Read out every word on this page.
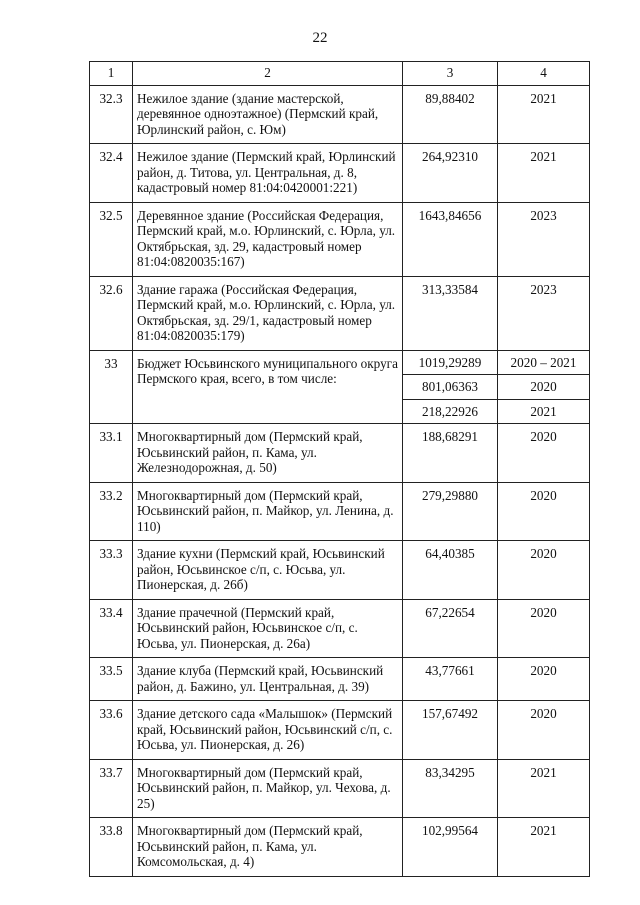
22
1	2	3	4
32.3	Нежилое здание (здание мастерской, деревянное одноэтажное) (Пермский край, Юрлинский район, с. Юм)	89,88402	2021
32.4	Нежилое здание (Пермский край, Юрлинский район, д. Титова, ул. Центральная, д. 8, кадастровый номер 81:04:0420001:221)	264,92310	2021
32.5	Деревянное здание (Российская Федерация, Пермский край, м.о. Юрлинский, с. Юрла, ул. Октябрьская, зд. 29, кадастровый номер 81:04:0820035:167)	1643,84656	2023
32.6	Здание гаража (Российская Федерация, Пермский край, м.о. Юрлинский, с. Юрла, ул. Октябрьская, зд. 29/1, кадастровый номер 81:04:0820035:179)	313,33584	2023
33	Бюджет Юсьвинского муниципального округа Пермского края, всего, в том числе:	1019,29289	2020 – 2021
		801,06363	2020
		218,22926	2021
33.1	Многоквартирный дом (Пермский край, Юсьвинский район, п. Кама, ул. Железнодорожная, д. 50)	188,68291	2020
33.2	Многоквартирный дом (Пермский край, Юсьвинский район, п. Майкор, ул. Ленина, д. 110)	279,29880	2020
33.3	Здание кухни (Пермский край, Юсьвинский район, Юсьвинское с/п, с. Юсьва, ул. Пионерская, д. 26б)	64,40385	2020
33.4	Здание прачечной (Пермский край, Юсьвинский район, Юсьвинское с/п, с. Юсьва, ул. Пионерская, д. 26а)	67,22654	2020
33.5	Здание клуба (Пермский край, Юсьвинский район, д. Бажино, ул. Центральная, д. 39)	43,77661	2020
33.6	Здание детского сада «Малышок» (Пермский край, Юсьвинский район, Юсьвинский с/п, с. Юсьва, ул. Пионерская, д. 26)	157,67492	2020
33.7	Многоквартирный дом (Пермский край, Юсьвинский район, п. Майкор, ул. Чехова, д. 25)	83,34295	2021
33.8	Многоквартирный дом (Пермский край, Юсьвинский район, п. Кама, ул. Комсомольская, д. 4)	102,99564	2021
